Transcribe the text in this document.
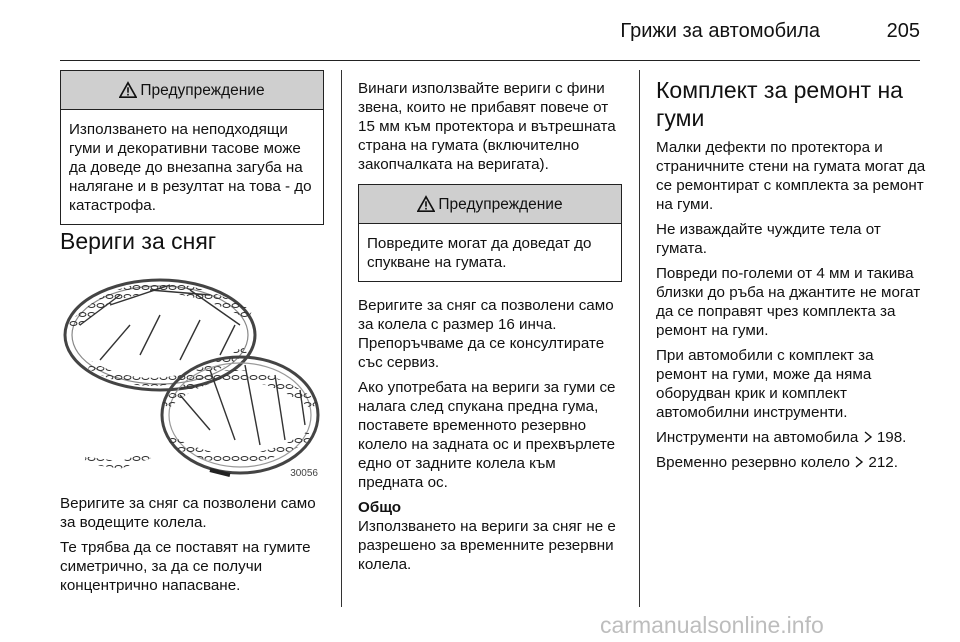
Грижи за автомобила	205
Предупреждение
Използването на неподходящи гуми и декоративни тасове може да доведе до внезапна загуба на налягане и в резултат на това - до катастрофа.
Вериги за сняг
30056

Веригите за сняг са позволени само за водещите колела.

Те трябва да се поставят на гумите симетрично, за да се получи концентрично напасване.

Винаги използвайте вериги с фини звена, които не прибавят повече от 15 мм към протектора и вътрешната страна на гумата (включително закопчалката на веригата).

Предупреждение
Повредите могат да доведат до спукване на гумата.

Веригите за сняг са позволени само за колела с размер 16 инча. Препоръчваме да се консултирате със сервиз.

Ако употребата на вериги за гуми се налага след спукана предна гума, поставете временното резервно колело на задната ос и прехвърлете едно от задните колела към предната ос.

Общо

Използването на вериги за сняг не е разрешено за временните резервни колела.

Комплект за ремонт на гуми

Малки дефекти по протектора и страничните стени на гумата могат да се ремонтират с комплекта за ремонт на гуми.

Не изваждайте чуждите тела от гумата.

Повреди по-големи от 4 мм и такива близки до ръба на джантите не могат да се поправят чрез комплекта за ремонт на гуми.

При автомобили с комплект за ремонт на гуми, може да няма оборудван крик и комплект автомобилни инструменти.

Инструменти на автомобила 198.

Временно резервно колело 212.

carmanualsonline.info
